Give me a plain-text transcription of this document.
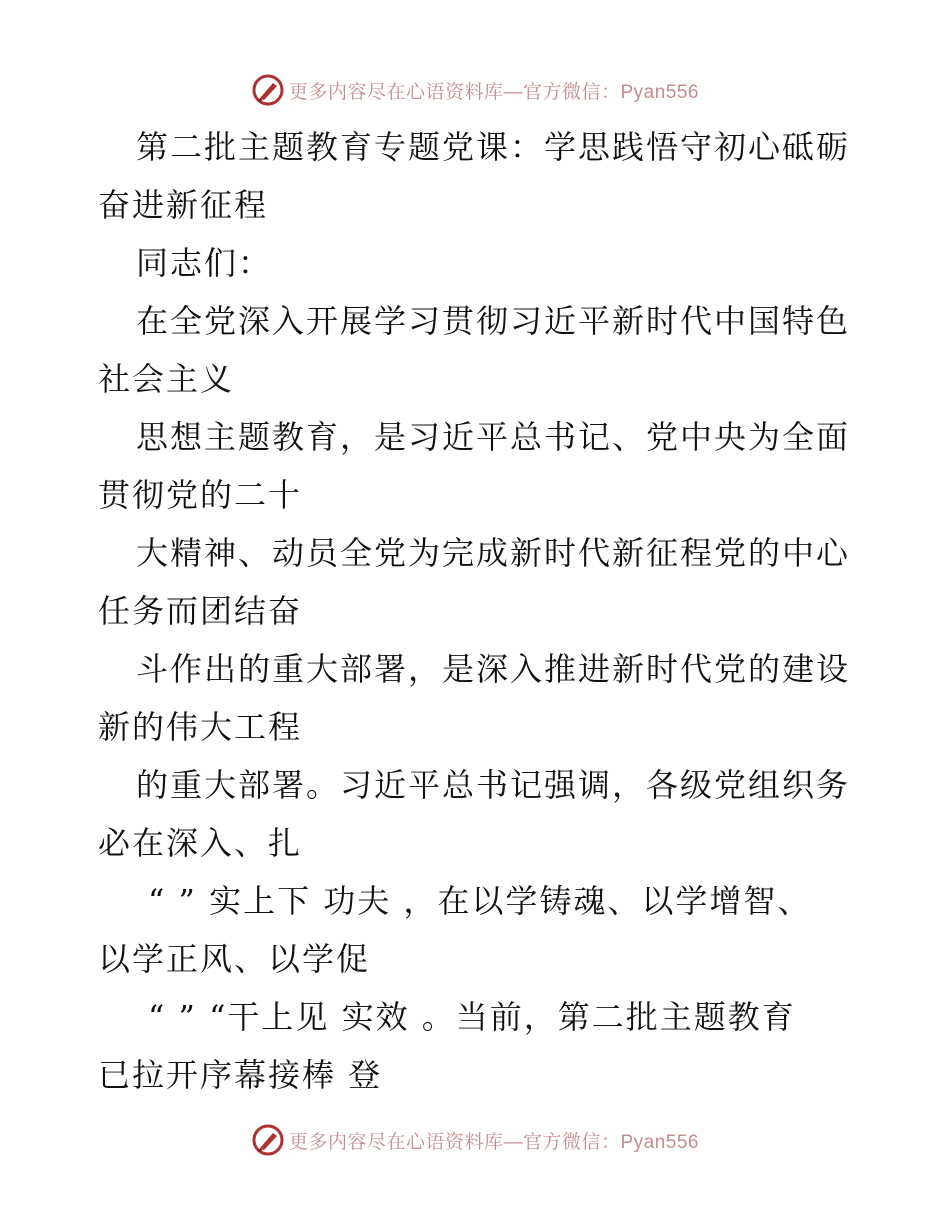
更多内容尽在心语资料库—官方微信：Pyan556
第二批主题教育专题党课：学思践悟守初心砥砺
奋进新征程
同志们：
在全党深入开展学习贯彻习近平新时代中国特色
社会主义
思想主题教育，是习近平总书记、党中央为全面
贯彻党的二十
大精神、动员全党为完成新时代新征程党的中心
任务而团结奋
斗作出的重大部署，是深入推进新时代党的建设
新的伟大工程
的重大部署。习近平总书记强调，各级党组织务
必在深入、扎
“ ” 实上下 功夫 ，在以学铸魂、以学增智、
以学正风、以学促
“ ” “干上见 实效 。当前，第二批主题教育
已拉开序幕接棒 登
更多内容尽在心语资料库—官方微信：Pyan556
